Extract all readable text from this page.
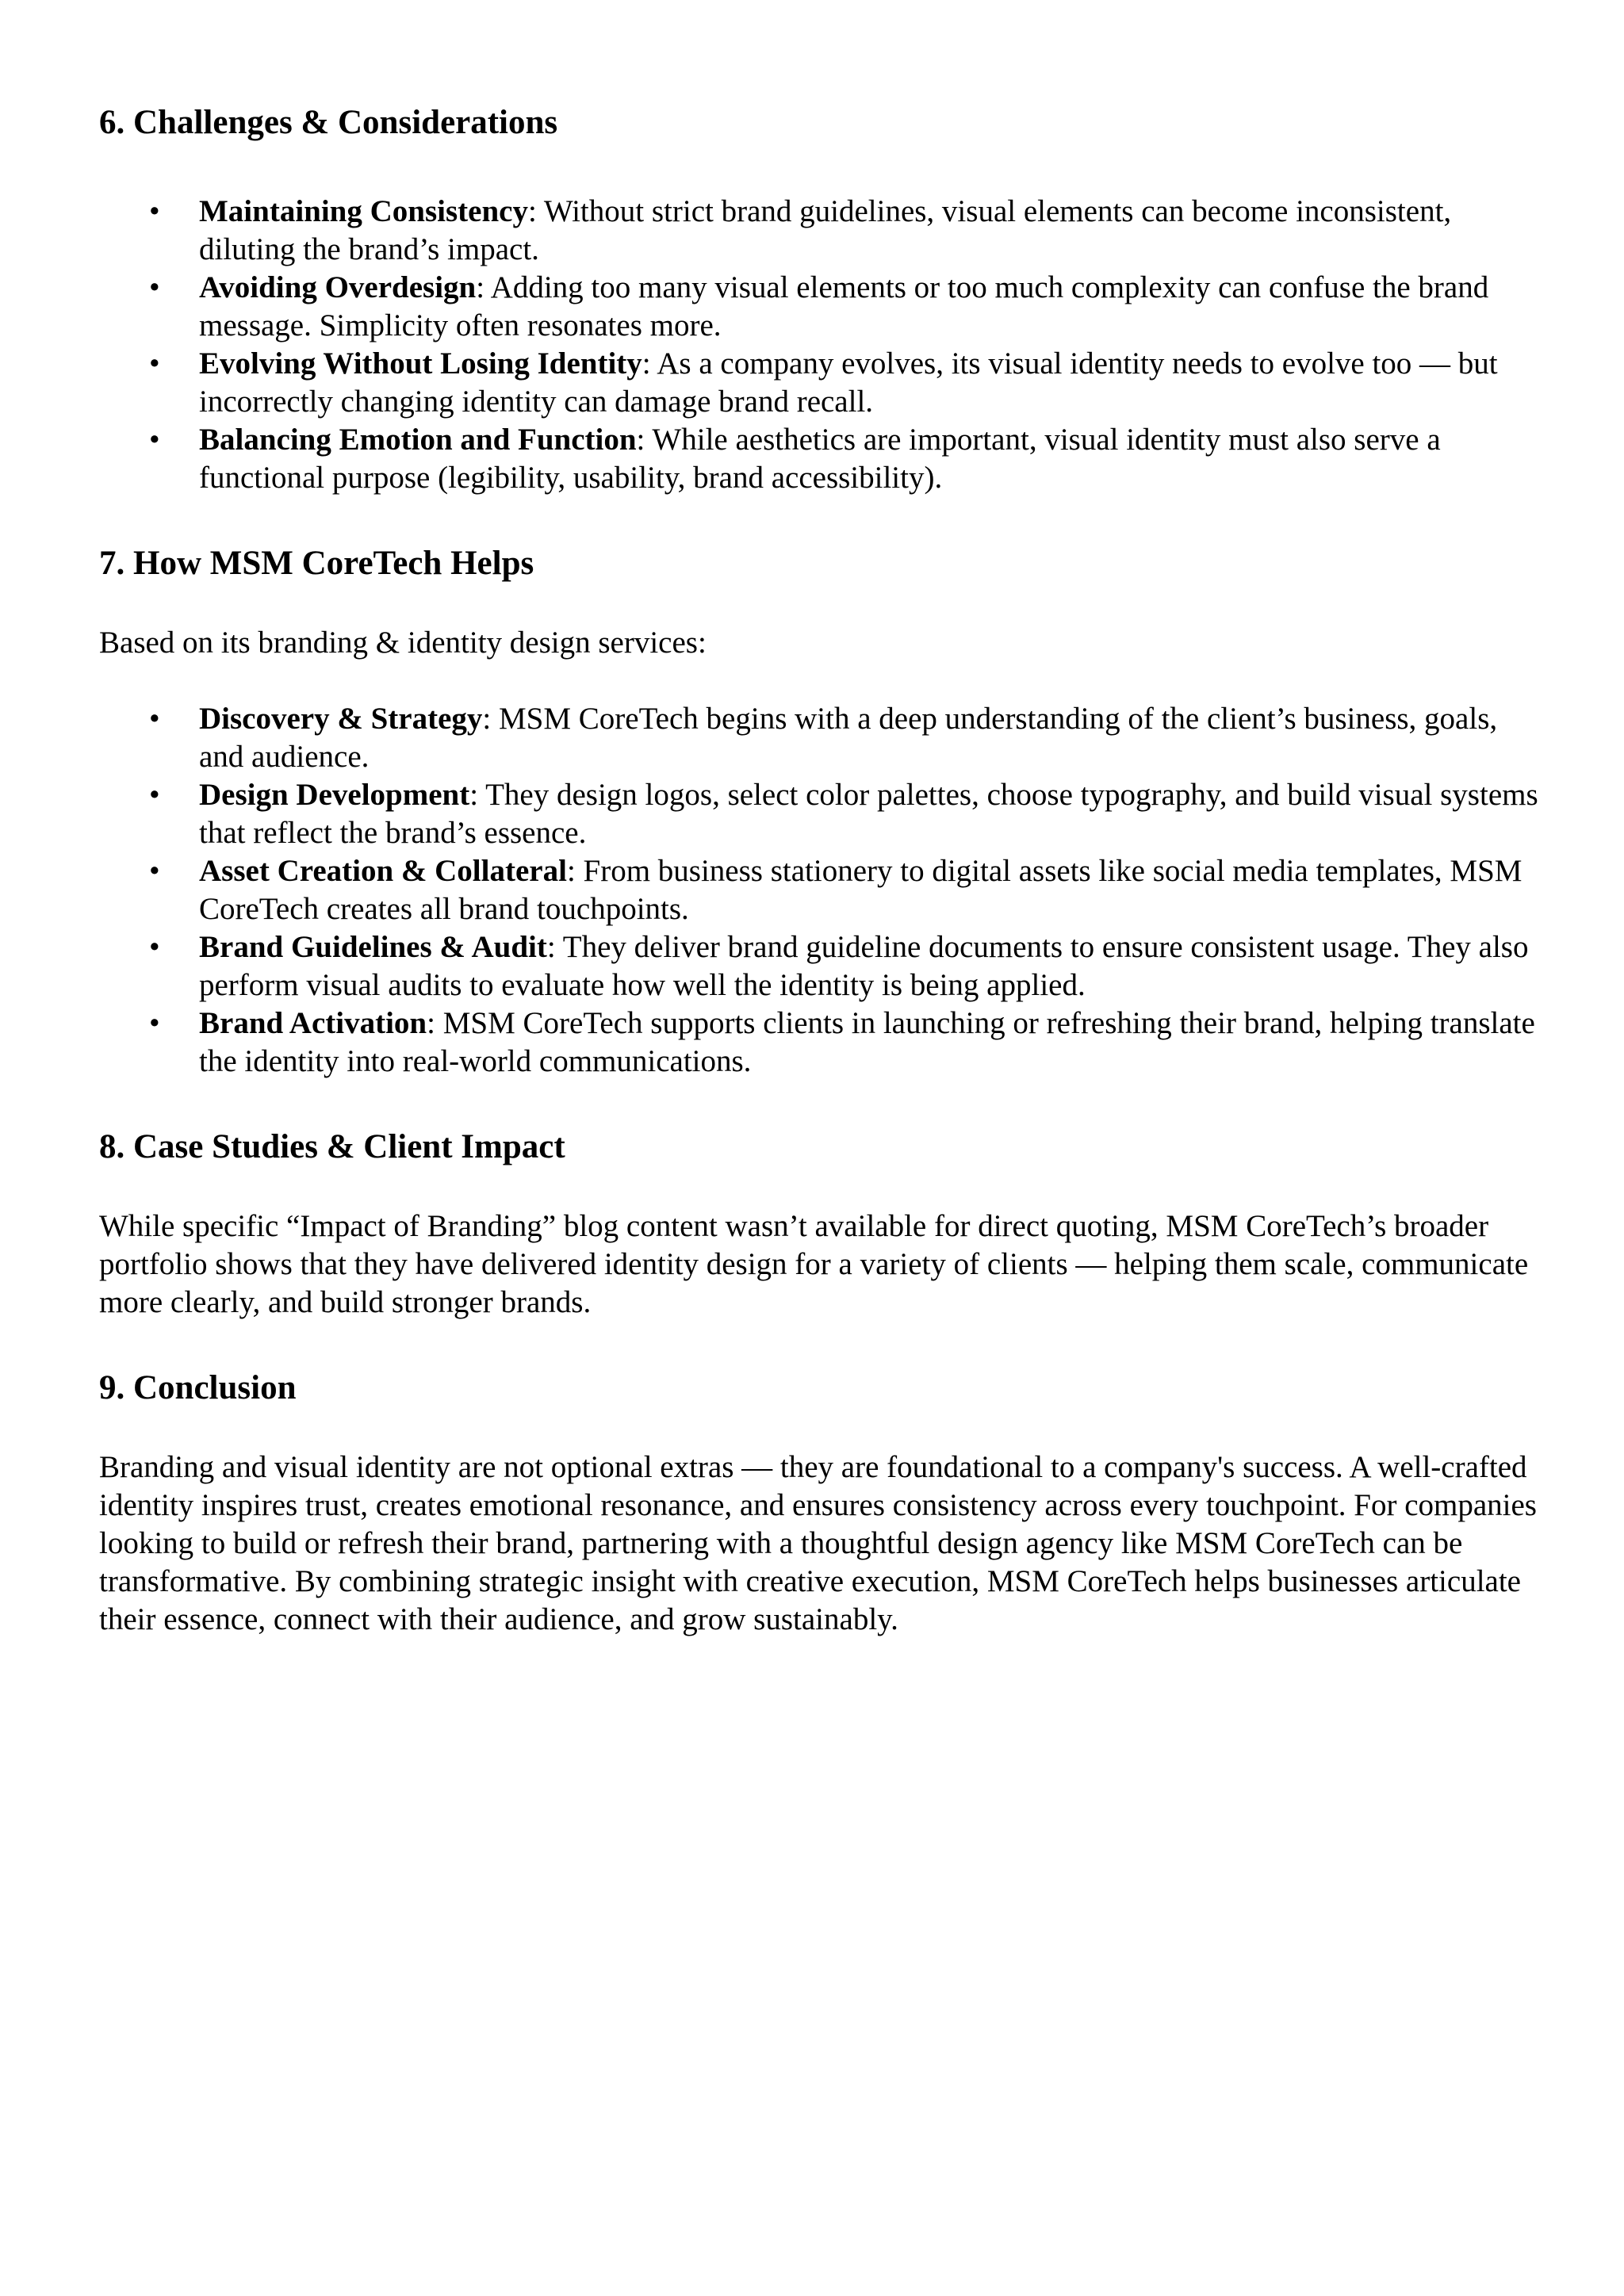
6. Challenges & Considerations
• Maintaining Consistency: Without strict brand guidelines, visual elements can become inconsistent, diluting the brand’s impact.
• Avoiding Overdesign: Adding too many visual elements or too much complexity can confuse the brand message. Simplicity often resonates more.
• Evolving Without Losing Identity: As a company evolves, its visual identity needs to evolve too — but incorrectly changing identity can damage brand recall.
• Balancing Emotion and Function: While aesthetics are important, visual identity must also serve a functional purpose (legibility, usability, brand accessibility).
7. How MSM CoreTech Helps

Based on its branding & identity design services:

• Discovery & Strategy: MSM CoreTech begins with a deep understanding of the client’s business, goals, and audience.
• Design Development: They design logos, select color palettes, choose typography, and build visual systems that reflect the brand’s essence.
• Asset Creation & Collateral: From business stationery to digital assets like social media templates, MSM CoreTech creates all brand touchpoints.
• Brand Guidelines & Audit: They deliver brand guideline documents to ensure consistent usage. They also perform visual audits to evaluate how well the identity is being applied.
• Brand Activation: MSM CoreTech supports clients in launching or refreshing their brand, helping translate the identity into real-world communications.
8. Case Studies & Client Impact

While specific “Impact of Branding” blog content wasn’t available for direct quoting, MSM CoreTech’s broader portfolio shows that they have delivered identity design for a variety of clients — helping them scale, communicate more clearly, and build stronger brands.

9. Conclusion

Branding and visual identity are not optional extras — they are foundational to a company's success. A well-crafted identity inspires trust, creates emotional resonance, and ensures consistency across every touchpoint. For companies looking to build or refresh their brand, partnering with a thoughtful design agency like MSM CoreTech can be transformative. By combining strategic insight with creative execution, MSM CoreTech helps businesses articulate their essence, connect with their audience, and grow sustainably.
